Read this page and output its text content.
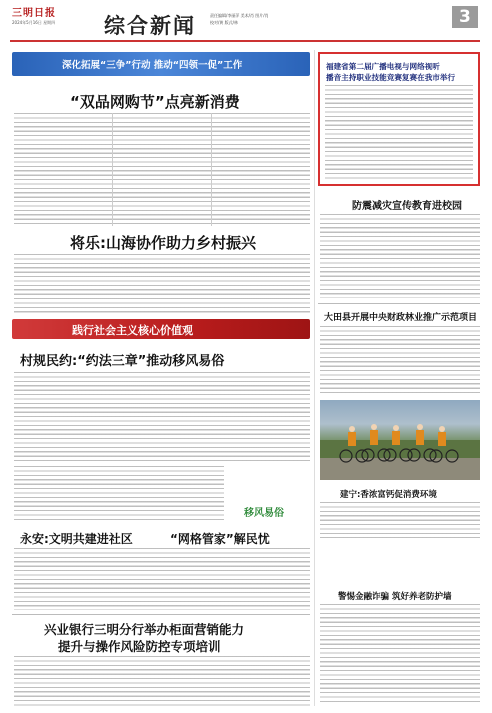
三明日报
2024年5月16日 星期四 综合新闻	责任编辑/李丽萍 美术/肖 图片/肖
校对/黄 版式/林	3
深化拓展“三争”行动 推动“四领一促”工作
“双品网购节”点亮新消费
将乐:山海协作助力乡村振兴
福建省第二届广播电视与网络视听
播音主持职业技能竞赛复赛在我市举行
防震减灾宣传教育进校园
大田县开展中央财政林业推广示范项目
建宁:香浓富钙促消费环境
践行社会主义核心价值观
村规民约:“约法三章”推动移风易俗
移风易俗
永安:文明共建进社区	“网格管家”解民忧
警惕金融诈骗 筑好养老防护墙
兴业银行三明分行举办柜面营销能力
提升与操作风险防控专项培训
